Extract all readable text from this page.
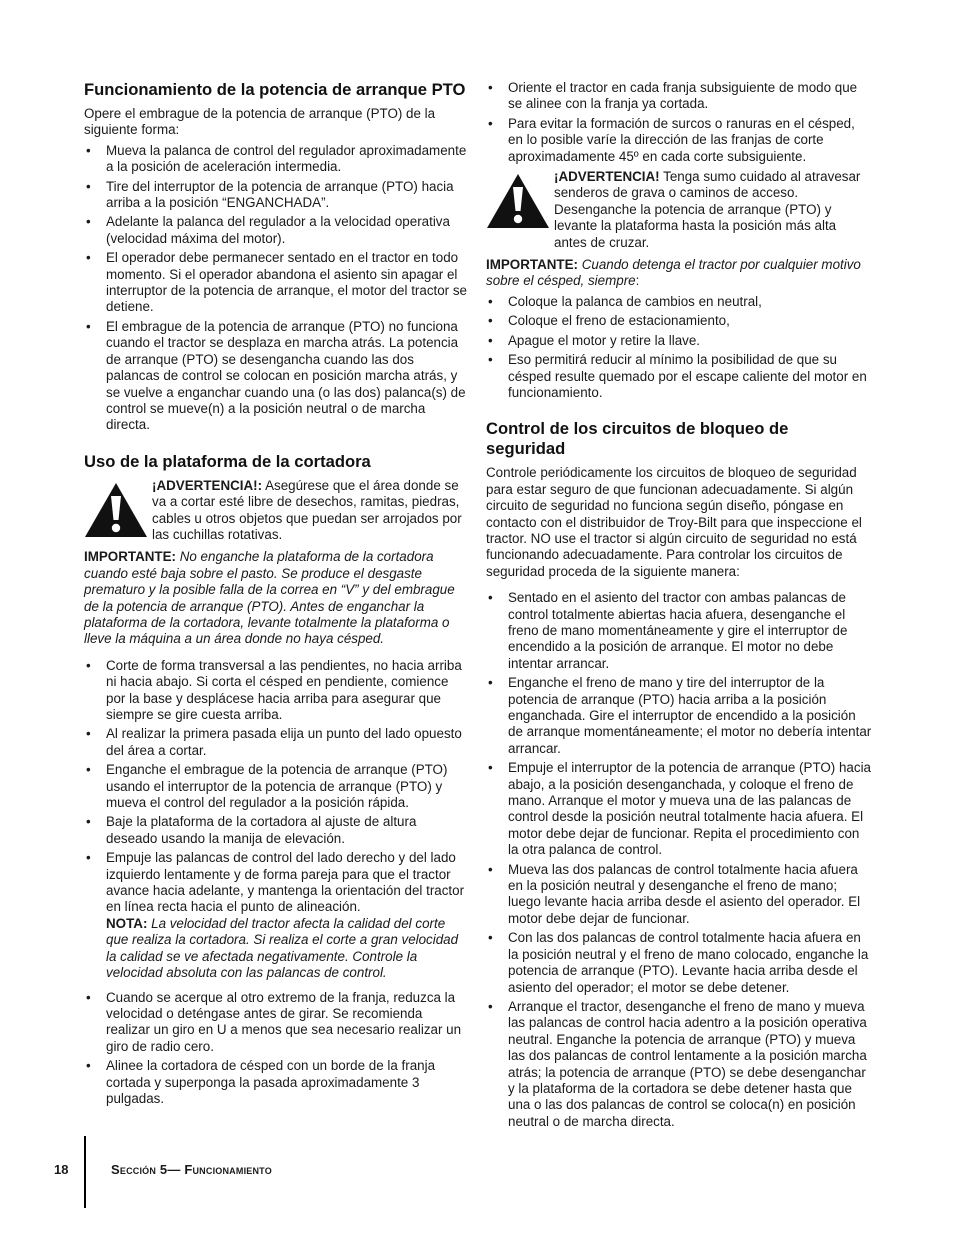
Funcionamiento de la potencia de arranque PTO

Opere el embrague de la potencia de arranque (PTO) de la siguiente forma:

• Mueva la palanca de control del regulador aproximadamente a la posición de aceleración intermedia.
• Tire del interruptor de la potencia de arranque (PTO) hacia arriba a la posición “ENGANCHADA”.
• Adelante la palanca del regulador a la velocidad operativa (velocidad máxima del motor).
• El operador debe permanecer sentado en el tractor en todo momento. Si el operador abandona el asiento sin apagar el interruptor de la potencia de arranque, el motor del tractor se detiene.
• El embrague de la potencia de arranque (PTO) no funciona cuando el tractor se desplaza en marcha atrás. La potencia de arranque (PTO) se desengancha cuando las dos palancas de control se colocan en posición marcha atrás, y se vuelve a enganchar cuando una (o las dos) palanca(s) de control se mueve(n) a la posición neutral o de marcha directa.
Uso de la plataforma de la cortadora
¡ADVERTENCIA!: Asegúrese que el área donde se va a cortar esté libre de desechos, ramitas, piedras, cables u otros objetos que puedan ser arrojados por las cuchillas rotativas.

IMPORTANTE: No enganche la plataforma de la cortadora cuando esté baja sobre el pasto. Se produce el desgaste prematuro y la posible falla de la correa en “V” y del embrague de la potencia de arranque (PTO). Antes de enganchar la plataforma de la cortadora, levante totalmente la plataforma o lleve la máquina a un área donde no haya césped.

• Corte de forma transversal a las pendientes, no hacia arriba ni hacia abajo. Si corta el césped en pendiente, comience por la base y desplácese hacia arriba para asegurar que siempre se gire cuesta arriba.
• Al realizar la primera pasada elija un punto del lado opuesto del área a cortar.
• Enganche el embrague de la potencia de arranque (PTO) usando el interruptor de la potencia de arranque (PTO) y mueva el control del regulador a la posición rápida.
• Baje la plataforma de la cortadora al ajuste de altura deseado usando la manija de elevación.
• Empuje las palancas de control del lado derecho y del lado izquierdo lentamente y de forma pareja para que el tractor avance hacia adelante, y mantenga la orientación del tractor en línea recta hacia el punto de alineación.
NOTA: La velocidad del tractor afecta la calidad del corte que realiza la cortadora. Si realiza el corte a gran velocidad la calidad se ve afectada negativamente. Controle la velocidad absoluta con las palancas de control.
• Cuando se acerque al otro extremo de la franja, reduzca la velocidad o deténgase antes de girar. Se recomienda realizar un giro en U a menos que sea necesario realizar un giro de radio cero.
• Alinee la cortadora de césped con un borde de la franja cortada y superponga la pasada aproximadamente 3 pulgadas.
• Oriente el tractor en cada franja subsiguiente de modo que se alinee con la franja ya cortada.
• Para evitar la formación de surcos o ranuras en el césped, en lo posible varíe la dirección de las franjas de corte aproximadamente 45º en cada corte subsiguiente.
¡ADVERTENCIA! Tenga sumo cuidado al atravesar senderos de grava o caminos de acceso. Desenganche la potencia de arranque (PTO) y levante la plataforma hasta la posición más alta antes de cruzar.

IMPORTANTE: Cuando detenga el tractor por cualquier motivo sobre el césped, siempre:

• Coloque la palanca de cambios en neutral,
• Coloque el freno de estacionamiento,
• Apague el motor y retire la llave.
• Eso permitirá reducir al mínimo la posibilidad de que su césped resulte quemado por el escape caliente del motor en funcionamiento.
Control de los circuitos de bloqueo de seguridad

Controle periódicamente los circuitos de bloqueo de seguridad para estar seguro de que funcionan adecuadamente. Si algún circuito de seguridad no funciona según diseño, póngase en contacto con el distribuidor de Troy-Bilt para que inspeccione el tractor. NO use el tractor si algún circuito de seguridad no está funcionando adecuadamente. Para controlar los circuitos de seguridad proceda de la siguiente manera:

• Sentado en el asiento del tractor con ambas palancas de control totalmente abiertas hacia afuera, desenganche el freno de mano momentáneamente y gire el interruptor de encendido a la posición de arranque. El motor no debe intentar arrancar.
• Enganche el freno de mano y tire del interruptor de la potencia de arranque (PTO) hacia arriba a la posición enganchada. Gire el interruptor de encendido a la posición de arranque momentáneamente; el motor no debería intentar arrancar.
• Empuje el interruptor de la potencia de arranque (PTO) hacia abajo, a la posición desenganchada, y coloque el freno de mano. Arranque el motor y mueva una de las palancas de control desde la posición neutral totalmente hacia afuera. El motor debe dejar de funcionar. Repita el procedimiento con la otra palanca de control.
• Mueva las dos palancas de control totalmente hacia afuera en la posición neutral y desenganche el freno de mano; luego levante hacia arriba desde el asiento del operador. El motor debe dejar de funcionar.
• Con las dos palancas de control totalmente hacia afuera en la posición neutral y el freno de mano colocado, enganche la potencia de arranque (PTO). Levante hacia arriba desde el asiento del operador; el motor se debe detener.
• Arranque el tractor, desenganche el freno de mano y mueva las palancas de control hacia adentro a la posición operativa neutral. Enganche la potencia de arranque (PTO) y mueva las dos palancas de control lentamente a la posición marcha atrás; la potencia de arranque (PTO) se debe desenganchar y la plataforma de la cortadora se debe detener hasta que una o las dos palancas de control se coloca(n) en posición neutral o de marcha directa.
18	Sección 5— Funcionamiento
